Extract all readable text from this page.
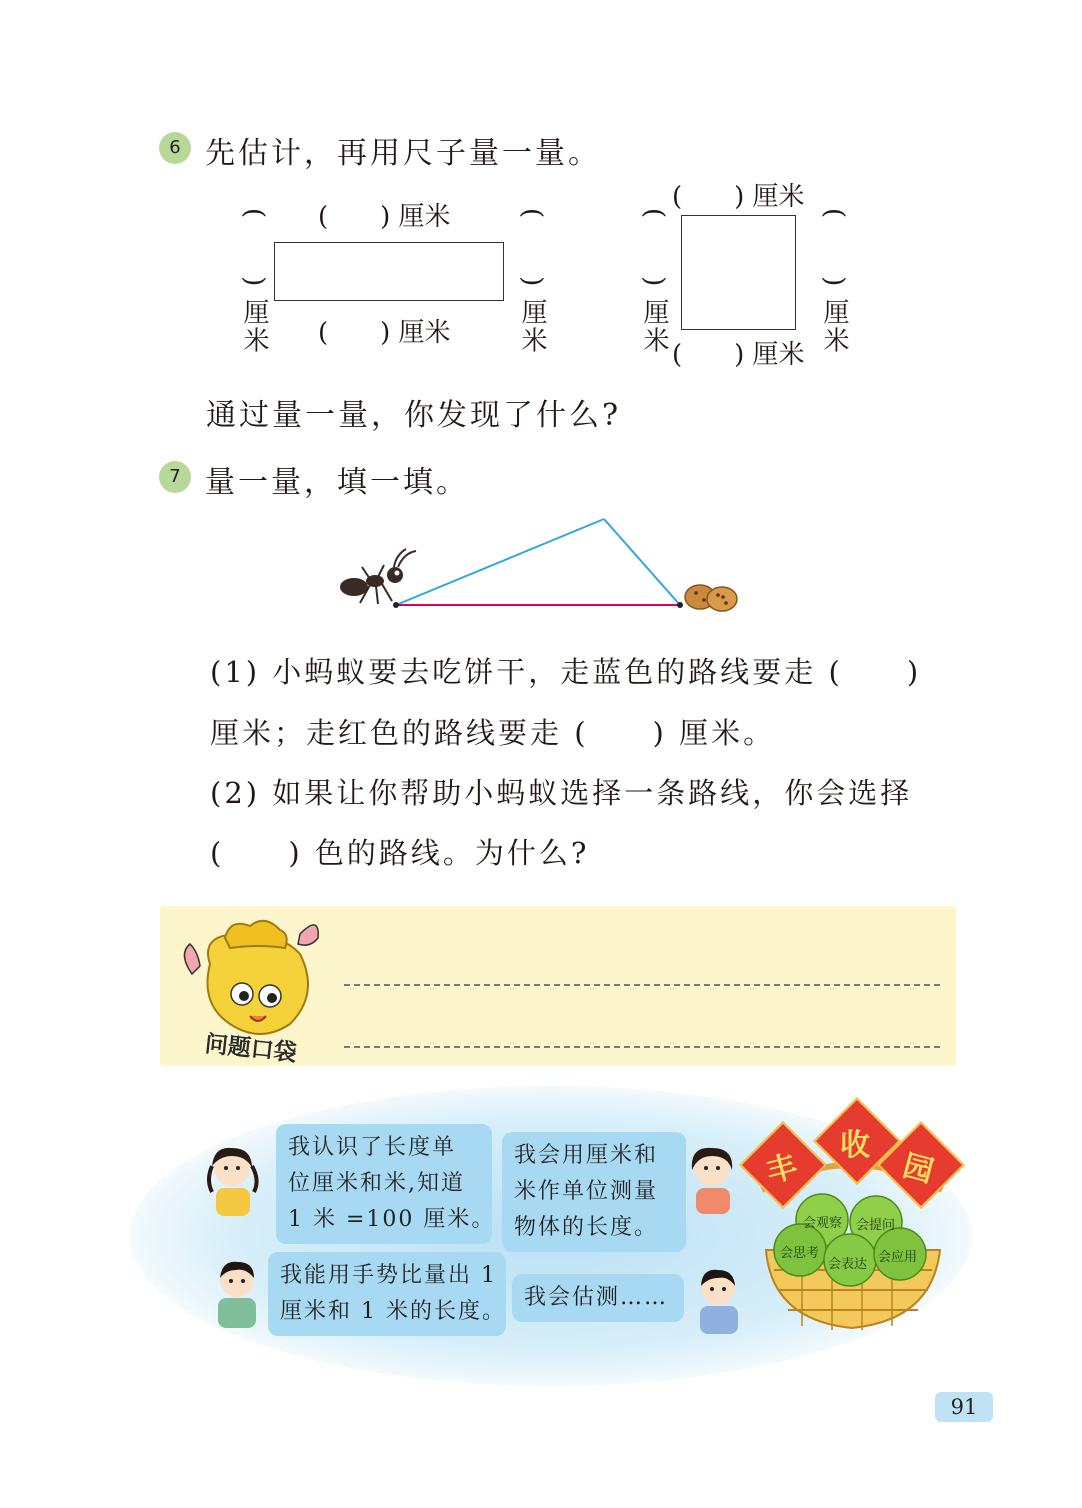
6 先估计，再用尺子量一量。
(　　) 厘米
(　　) 厘米
(　　) 厘米	(　　) 厘米
(　　) 厘米
(　　) 厘米
(　　) 厘米	(　　) 厘米
通过量一量，你发现了什么?
7 量一量，填一填。
(1) 小蚂蚁要去吃饼干，走蓝色的路线要走 (　　)
厘米；走红色的路线要走 (　　) 厘米。
(2) 如果让你帮助小蚂蚁选择一条路线，你会选择
(　　) 色的路线。为什么?
问题口袋
我认识了长度单
位厘米和米,知道
1 米 =100 厘米。
我会用厘米和
米作单位测量
物体的长度。
我能用手势比量出 1
厘米和 1 米的长度。
我会估测……
会观察 会提问
会思考
会表达 会应用
丰
收
园
91
